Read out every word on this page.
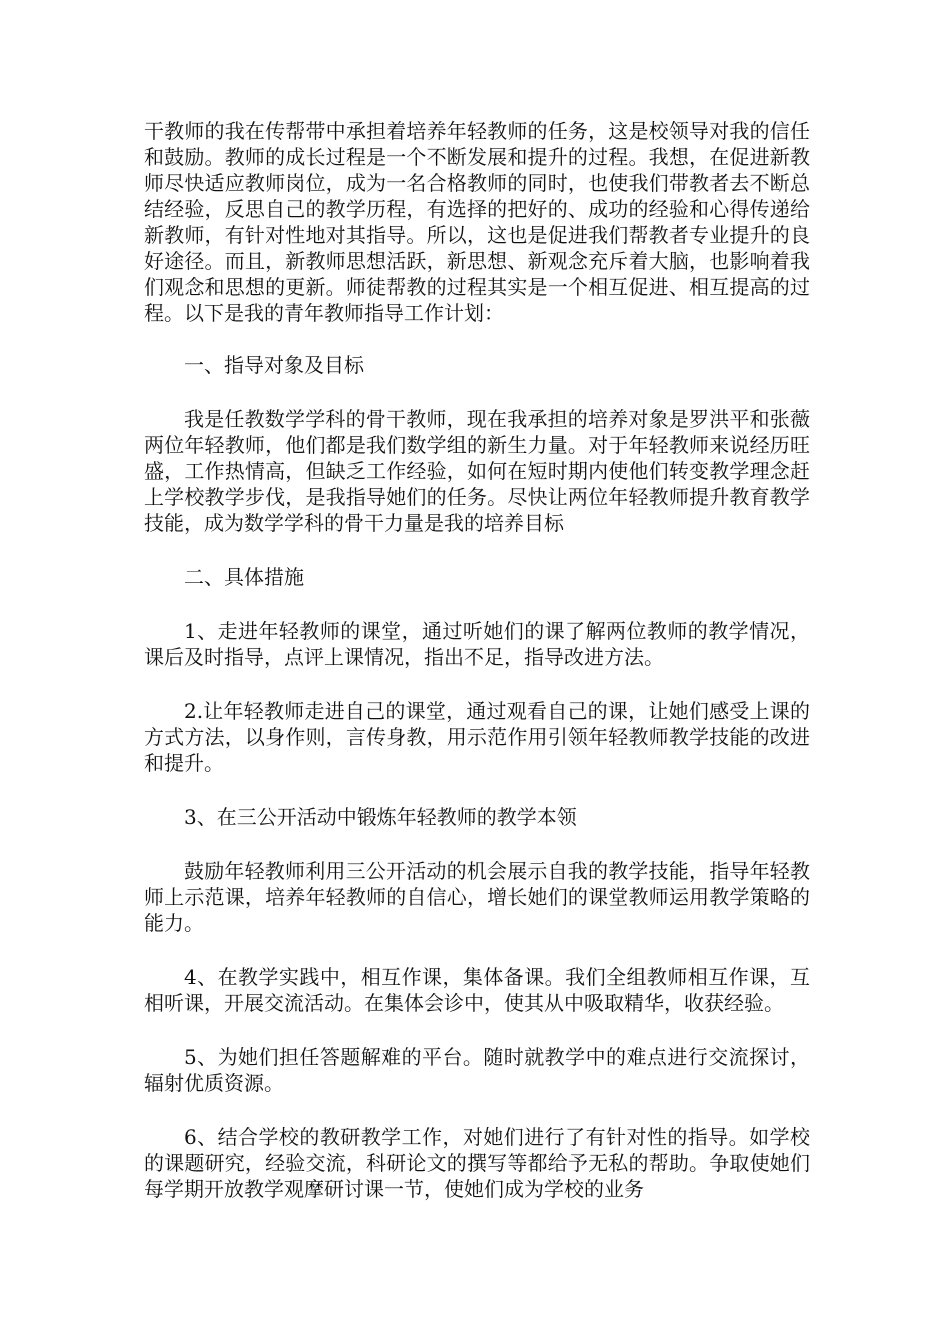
干教师的我在传帮带中承担着培养年轻教师的任务，这是校领导对我的信任和鼓励。教师的成长过程是一个不断发展和提升的过程。我想，在促进新教师尽快适应教师岗位，成为一名合格教师的同时，也使我们带教者去不断总结经验，反思自己的教学历程，有选择的把好的、成功的经验和心得传递给新教师，有针对性地对其指导。所以，这也是促进我们帮教者专业提升的良好途径。而且，新教师思想活跃，新思想、新观念充斥着大脑，也影响着我们观念和思想的更新。师徒帮教的过程其实是一个相互促进、相互提高的过程。以下是我的青年教师指导工作计划：

一、指导对象及目标

我是任教数学学科的骨干教师，现在我承担的培养对象是罗洪平和张薇两位年轻教师，他们都是我们数学组的新生力量。对于年轻教师来说经历旺盛，工作热情高，但缺乏工作经验，如何在短时期内使他们转变教学理念赶上学校教学步伐，是我指导她们的任务。尽快让两位年轻教师提升教育教学技能，成为数学学科的骨干力量是我的培养目标

二、具体措施

1、走进年轻教师的课堂，通过听她们的课了解两位教师的教学情况，课后及时指导，点评上课情况，指出不足，指导改进方法。

2.让年轻教师走进自己的课堂，通过观看自己的课，让她们感受上课的方式方法，以身作则，言传身教，用示范作用引领年轻教师教学技能的改进和提升。

3、在三公开活动中锻炼年轻教师的教学本领

鼓励年轻教师利用三公开活动的机会展示自我的教学技能，指导年轻教师上示范课，培养年轻教师的自信心，增长她们的课堂教师运用教学策略的能力。

4、在教学实践中，相互作课，集体备课。我们全组教师相互作课，互相听课，开展交流活动。在集体会诊中，使其从中吸取精华，收获经验。

5、为她们担任答题解难的平台。随时就教学中的难点进行交流探讨，辐射优质资源。

6、结合学校的教研教学工作，对她们进行了有针对性的指导。如学校的课题研究，经验交流，科研论文的撰写等都给予无私的帮助。争取使她们每学期开放教学观摩研讨课一节，使她们成为学校的业务
